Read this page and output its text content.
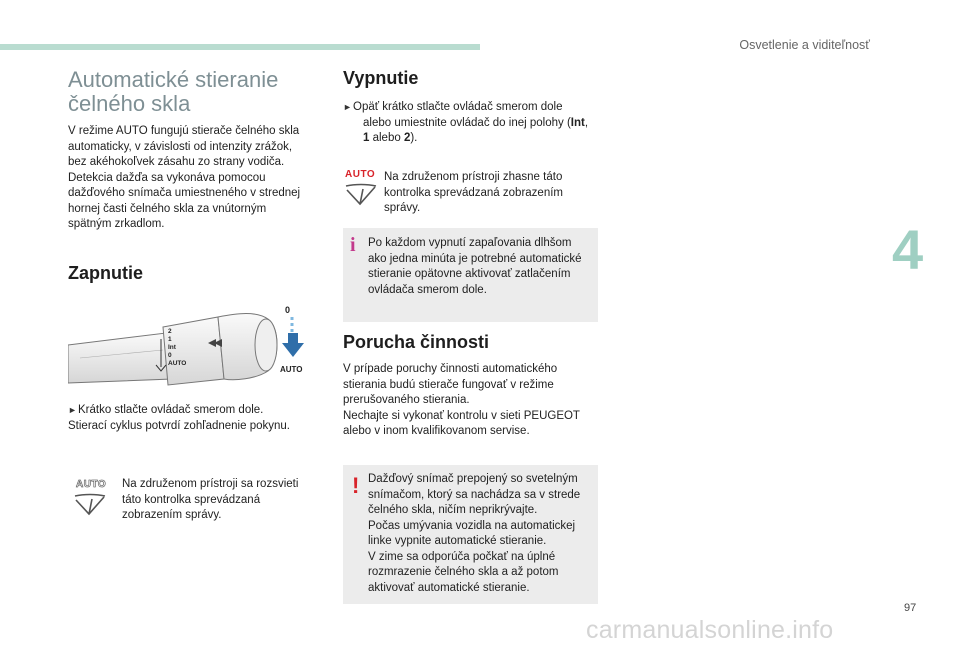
Osvetlenie a viditeľnosť
4
Automatické stieranie
čelného skla

V režime AUTO fungujú stierače čelného skla
automaticky, v závislosti od intenzity zrážok,
bez akéhokoľvek zásahu zo strany vodiča.
Detekcia dažďa sa vykonáva pomocou
dažďového snímača umiestneného v strednej
hornej časti čelného skla za vnútorným
spätným zrkadlom.

Zapnutie
2
1
Int
0
AUTO
0
AUTO

►Krátko stlačte ovládač smerom dole.
Stierací cyklus potvrdí zohľadnenie pokynu.

AUTO Na združenom prístroji sa rozsvieti
táto kontrolka sprevádzaná
zobrazením správy.

Vypnutie

►Opäť krátko stlačte ovládač smerom dole
alebo umiestnite ovládač do inej polohy (Int,
1 alebo 2).

AUTO Na združenom prístroji zhasne táto
kontrolka sprevádzaná zobrazením
správy.

i Po každom vypnutí zapaľovania dlhšom
ako jedna minúta je potrebné automatické
stieranie opätovne aktivovať zatlačením
ovládača smerom dole.

Porucha činnosti

V prípade poruchy činnosti automatického
stierania budú stierače fungovať v režime
prerušovaného stierania.
Nechajte si vykonať kontrolu v sieti PEUGEOT
alebo v inom kvalifikovanom servise.

! Dažďový snímač prepojený so svetelným
snímačom, ktorý sa nachádza sa v strede
čelného skla, ničím neprikrývajte.
Počas umývania vozidla na automatickej
linke vypnite automatické stieranie.
V zime sa odporúča počkať na úplné
rozmrazenie čelného skla a až potom
aktivovať automatické stieranie.

97
carmanualsonline.info
